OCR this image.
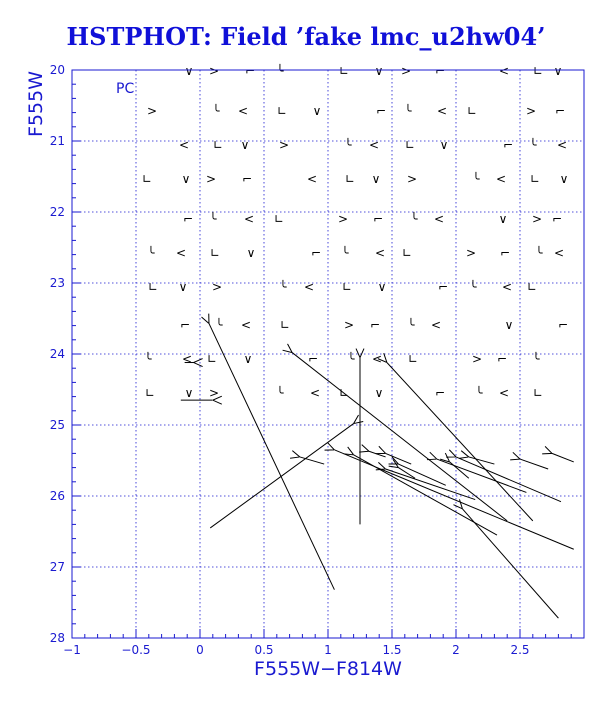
HSTPHOT: Field ’fake lmc_u2hw04’
∨ > ⌐ ╰	∟ ∨ > ⌐	< ∟ ∨
>	╰ < ∟ ∨	⌐ ╰ < ∟	> ⌐
< ∟ ∨ >	╰ < ∟ ∨	⌐ ╰ <
∟ ∨ > ⌐	< ∟ ∨ >	╰ < ∟ ∨
⌐ ╰ < ∟	> ⌐ ╰ <	∨ > ⌐
╰ < ∟ ∨	⌐ ╰ < ∟	> ⌐ ╰ <
∟ ∨ >	╰ < ∟ ∨	⌐ ╰ < ∟
⌐ ╰ < ∟	> ⌐ ╰ <	∨	⌐
╰	< ∟ ∨	⌐ ╰ < ∟	> ⌐ ╰
∟ ∨ >	╰ < ∟ ∨	⌐	╰ < ∟
−1	−0.5	0	0.5	1	1.5	2	2.5
20
21
22
23
24
25
26
27
28
PC
F555W−F814W
F555W
